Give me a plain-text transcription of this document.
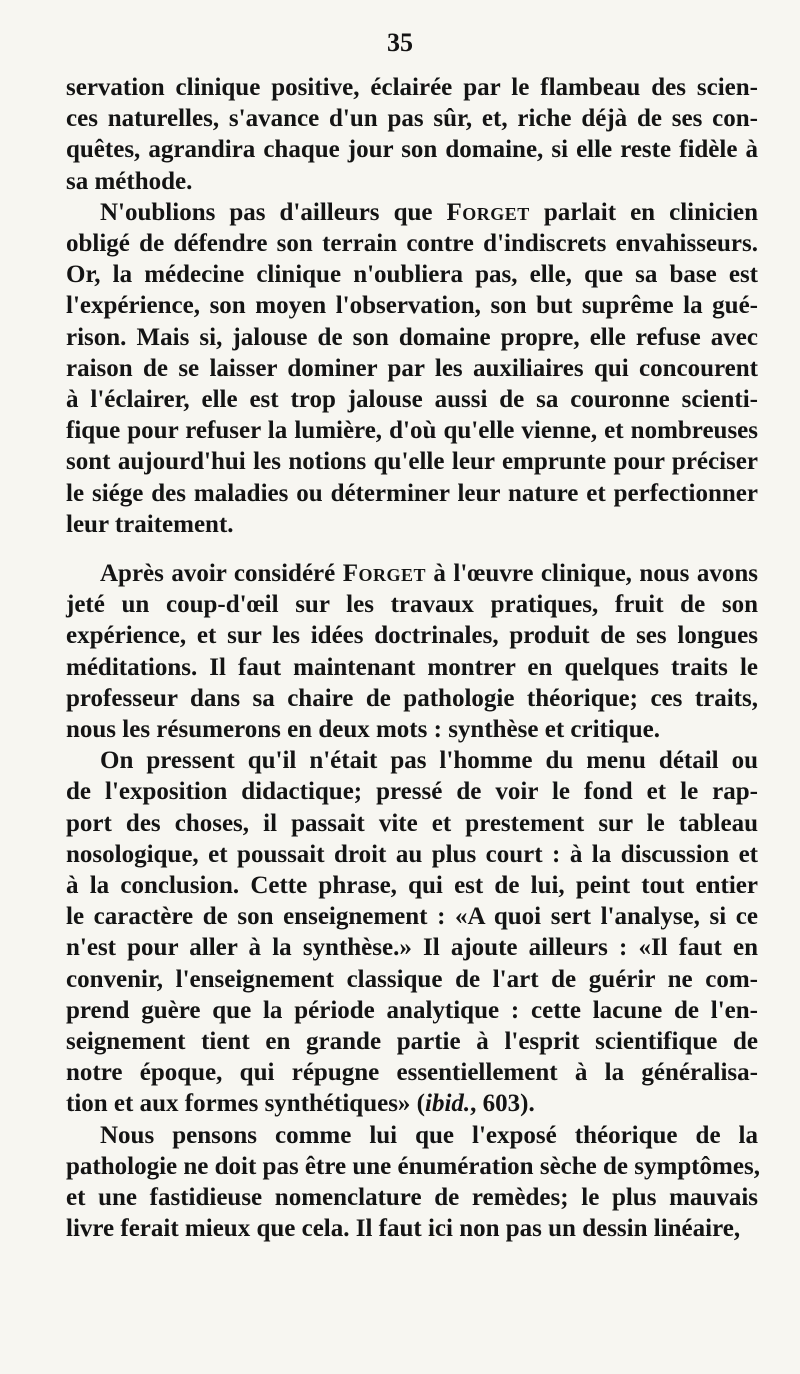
35
servation clinique positive, éclairée par le flambeau des scien-
ces naturelles, s'avance d'un pas sûr, et, riche déjà de ses con-
quêtes, agrandira chaque jour son domaine, si elle reste fidèle à
sa méthode.
N'oublions pas d'ailleurs que Forget parlait en clinicien
obligé de défendre son terrain contre d'indiscrets envahisseurs.
Or, la médecine clinique n'oubliera pas, elle, que sa base est
l'expérience, son moyen l'observation, son but suprême la gué-
rison. Mais si, jalouse de son domaine propre, elle refuse avec
raison de se laisser dominer par les auxiliaires qui concourent
à l'éclairer, elle est trop jalouse aussi de sa couronne scienti-
fique pour refuser la lumière, d'où qu'elle vienne, et nombreuses
sont aujourd'hui les notions qu'elle leur emprunte pour préciser
le siége des maladies ou déterminer leur nature et perfectionner
leur traitement.
Après avoir considéré Forget à l'œuvre clinique, nous avons
jeté un coup-d'œil sur les travaux pratiques, fruit de son
expérience, et sur les idées doctrinales, produit de ses longues
méditations. Il faut maintenant montrer en quelques traits le
professeur dans sa chaire de pathologie théorique; ces traits,
nous les résumerons en deux mots : synthèse et critique.
On pressent qu'il n'était pas l'homme du menu détail ou
de l'exposition didactique; pressé de voir le fond et le rap-
port des choses, il passait vite et prestement sur le tableau
nosologique, et poussait droit au plus court : à la discussion et
à la conclusion. Cette phrase, qui est de lui, peint tout entier
le caractère de son enseignement : «A quoi sert l'analyse, si ce
n'est pour aller à la synthèse.» Il ajoute ailleurs : «Il faut en
convenir, l'enseignement classique de l'art de guérir ne com-
prend guère que la période analytique : cette lacune de l'en-
seignement tient en grande partie à l'esprit scientifique de
notre époque, qui répugne essentiellement à la généralisa-
tion et aux formes synthétiques» (ibid., 603).
Nous pensons comme lui que l'exposé théorique de la
pathologie ne doit pas être une énumération sèche de symptômes,
et une fastidieuse nomenclature de remèdes; le plus mauvais
livre ferait mieux que cela. Il faut ici non pas un dessin linéaire,
